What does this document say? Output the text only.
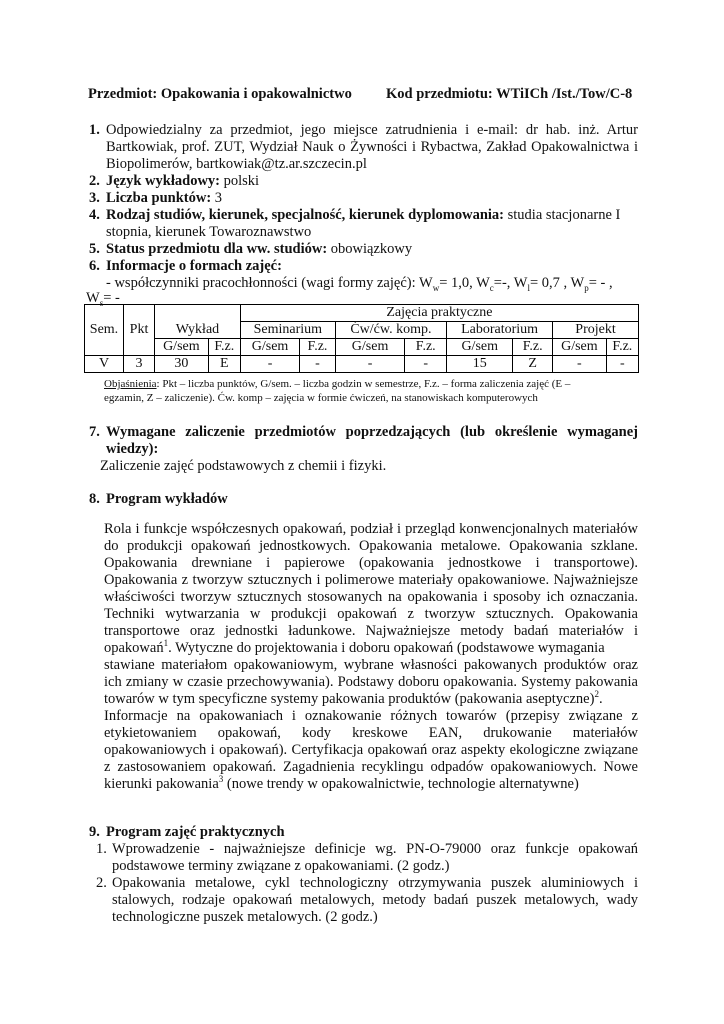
Przedmiot: Opakowania i opakowalnictwo Kod przedmiotu: WTiICh /Ist./Tow/C-8
1. Odpowiedzialny za przedmiot, jego miejsce zatrudnienia i e-mail: dr hab. inż. Artur
Bartkowiak, prof. ZUT, Wydział Nauk o Żywności i Rybactwa, Zakład Opakowalnictwa i
Biopolimerów, bartkowiak@tz.ar.szczecin.pl
2. Język wykładowy: polski
3. Liczba punktów: 3
4. Rodzaj studiów, kierunek, specjalność, kierunek dyplomowania: studia stacjonarne I
stopnia, kierunek Towaroznawstwo
5. Status przedmiotu dla ww. studiów: obowiązkowy
6. Informacje o formach zajęć:
- współczynniki pracochłonności (wagi formy zajęć): $W_w= 1,0$, $W_c=-$, $W_l= 0,7$ , $W_p=$ - ,
$W_s=$ -
Sem.	Pkt	Wykład		Zajęcia praktyczne							
				Seminarium		Ćw/ćw. komp.		Laboratorium		Projekt	
		G/sem	F.z.	G/sem	F.z.	G/sem	F.z.	G/sem	F.z.	G/sem	F.z.
V	3	30	E	-	-	-	-	15	Z	-	-
Objaśnienia: Pkt – liczba punktów, G/sem. – liczba godzin w semestrze, F.z. – forma zaliczenia zajęć (E –
egzamin, Z – zaliczenie). Ćw. komp – zajęcia w formie ćwiczeń, na stanowiskach komputerowych
7. Wymagane zaliczenie przedmiotów poprzedzających (lub określenie wymaganej
wiedzy):
Zaliczenie zajęć podstawowych z chemii i fizyki.
8. Program wykładów
Rola i funkcje współczesnych opakowań, podział i przegląd konwencjonalnych materiałów
do produkcji opakowań jednostkowych. Opakowania metalowe. Opakowania szklane.
Opakowania drewniane i papierowe (opakowania jednostkowe i transportowe).
Opakowania z tworzyw sztucznych i polimerowe materiały opakowaniowe. Najważniejsze
właściwości tworzyw sztucznych stosowanych na opakowania i sposoby ich oznaczania.
Techniki wytwarzania w produkcji opakowań z tworzyw sztucznych. Opakowania
transportowe oraz jednostki ładunkowe. Najważniejsze metody badań materiałów i
opakowań$^1$. Wytyczne do projektowania i doboru opakowań (podstawowe wymagania
stawiane materiałom opakowaniowym, wybrane własności pakowanych produktów oraz
ich zmiany w czasie przechowywania). Podstawy doboru opakowania. Systemy pakowania
towarów w tym specyficzne systemy pakowania produktów (pakowania aseptyczne)$^2$.
Informacje na opakowaniach i oznakowanie różnych towarów (przepisy związane z
etykietowaniem opakowań, kody kreskowe EAN, drukowanie materiałów
opakowaniowych i opakowań). Certyfikacja opakowań oraz aspekty ekologiczne związane
z zastosowaniem opakowań. Zagadnienia recyklingu odpadów opakowaniowych. Nowe
kierunki pakowania$^3$ (nowe trendy w opakowalnictwie, technologie alternatywne)
9. Program zajęć praktycznych
1. Wprowadzenie - najważniejsze definicje wg. PN-O-79000 oraz funkcje opakowań
podstawowe terminy związane z opakowaniami. (2 godz.)
2. Opakowania metalowe, cykl technologiczny otrzymywania puszek aluminiowych i
stalowych, rodzaje opakowań metalowych, metody badań puszek metalowych, wady
technologiczne puszek metalowych. (2 godz.)
